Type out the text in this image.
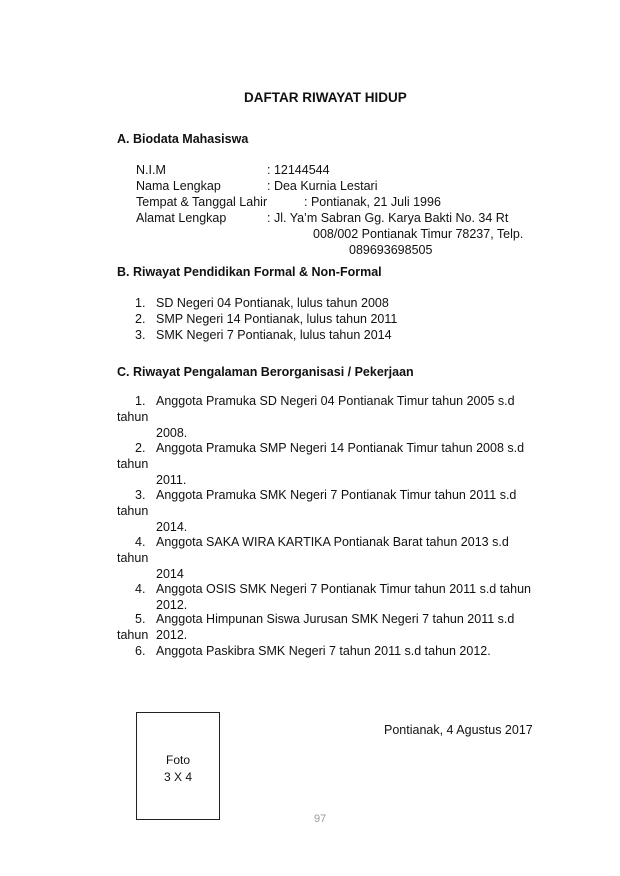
DAFTAR RIWAYAT HIDUP
A. Biodata Mahasiswa
N.I.M	: 12144544
Nama Lengkap	: Dea Kurnia Lestari
Tempat & Tanggal Lahir	: Pontianak, 21 Juli 1996
Alamat Lengkap	: Jl. Ya’m Sabran Gg. Karya Bakti No. 34 Rt
008/002 Pontianak Timur 78237, Telp.
089693698505
B. Riwayat Pendidikan Formal & Non-Formal
1. SD Negeri 04 Pontianak, lulus tahun 2008
2. SMP Negeri 14 Pontianak, lulus tahun 2011
3. SMK Negeri 7 Pontianak, lulus tahun 2014
C. Riwayat Pengalaman Berorganisasi / Pekerjaan
1. Anggota Pramuka SD Negeri 04 Pontianak Timur tahun 2005 s.d
tahun
2008.
2. Anggota Pramuka SMP Negeri 14 Pontianak Timur tahun 2008 s.d
tahun
2011.
3. Anggota Pramuka SMK Negeri 7 Pontianak Timur tahun 2011 s.d
tahun
2014.
4. Anggota SAKA WIRA KARTIKA Pontianak Barat tahun 2013 s.d
tahun
2014
4. Anggota OSIS SMK Negeri 7 Pontianak Timur tahun 2011 s.d tahun
2012.
5. Anggota Himpunan Siswa Jurusan SMK Negeri 7 tahun 2011 s.d
tahun 2012.
6. Anggota Paskibra SMK Negeri 7 tahun 2011 s.d tahun 2012.
Foto
3 X 4
Pontianak, 4 Agustus 2017
97
